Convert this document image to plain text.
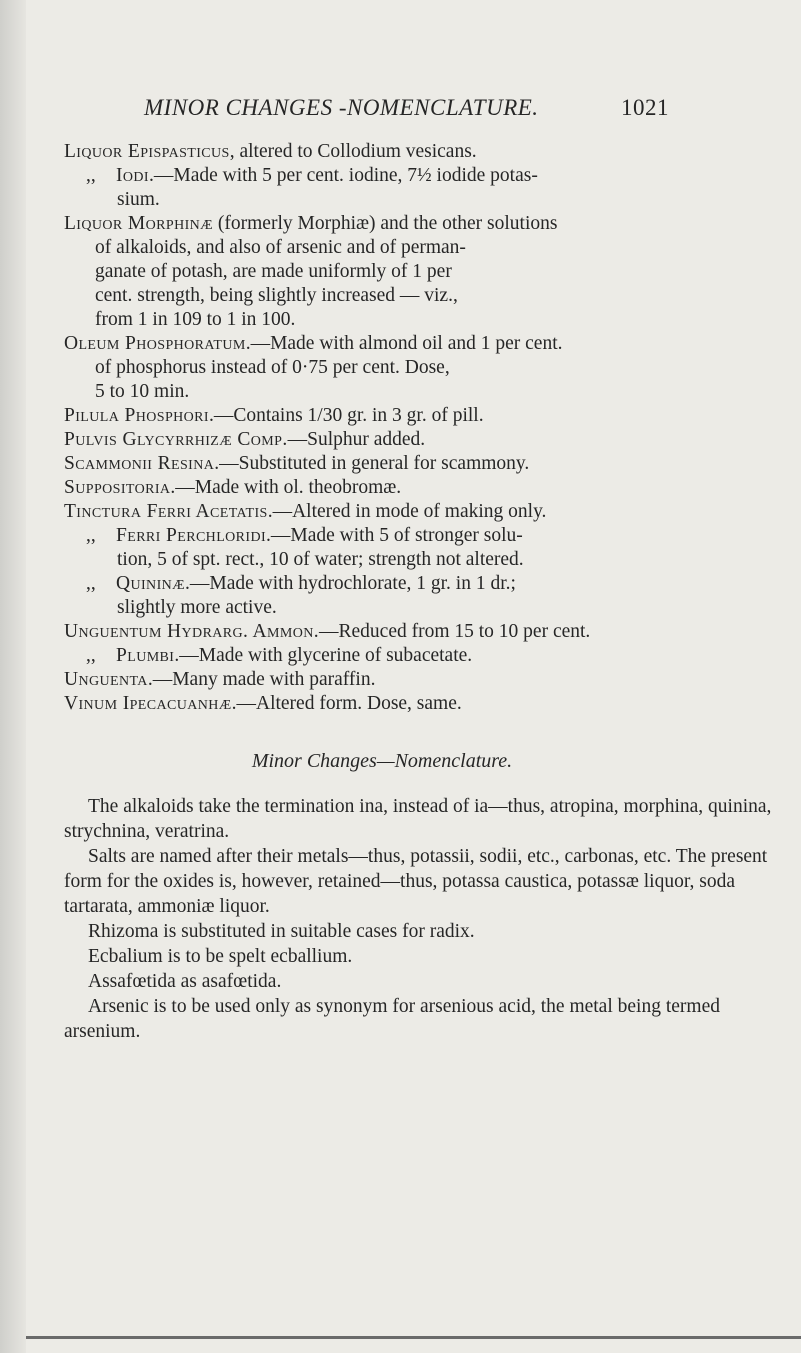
MINOR CHANGES -NOMENCLATURE.	1021
Liquor Epispasticus, altered to Collodium vesicans.
,, Iodi.—Made with 5 per cent. iodine, 7½ iodide potas-
sium.
Liquor Morphinæ (formerly Morphiæ) and the other solutions
of alkaloids, and also of arsenic and of perman-
ganate of potash, are made uniformly of 1 per
cent. strength, being slightly increased — viz.,
from 1 in 109 to 1 in 100.
Oleum Phosphoratum.—Made with almond oil and 1 per cent.
of phosphorus instead of 0·75 per cent. Dose,
5 to 10 min.
Pilula Phosphori.—Contains 1/30 gr. in 3 gr. of pill.
Pulvis Glycyrrhizæ Comp.—Sulphur added.
Scammonii Resina.—Substituted in general for scammony.
Suppositoria.—Made with ol. theobromæ.
Tinctura Ferri Acetatis.—Altered in mode of making only.
,, Ferri Perchloridi.—Made with 5 of stronger solu-
tion, 5 of spt. rect., 10 of water; strength not altered.
,, Quininæ.—Made with hydrochlorate, 1 gr. in 1 dr.;
slightly more active.
Unguentum Hydrarg. Ammon.—Reduced from 15 to 10 per cent.
,, Plumbi.—Made with glycerine of subacetate.
Unguenta.—Many made with paraffin.
Vinum Ipecacuanhæ.—Altered form. Dose, same.
Minor Changes—Nomenclature.

The alkaloids take the termination ina, instead of ia—thus, atropina, morphina, quinina, strychnina, veratrina.

Salts are named after their metals—thus, potassii, sodii, etc., carbonas, etc. The present form for the oxides is, however, retained—thus, potassa caustica, potassæ liquor, soda tartarata, ammoniæ liquor.

Rhizoma is substituted in suitable cases for radix.

Ecbalium is to be spelt ecballium.

Assafœtida as asafœtida.

Arsenic is to be used only as synonym for arsenious acid, the metal being termed arsenium.
